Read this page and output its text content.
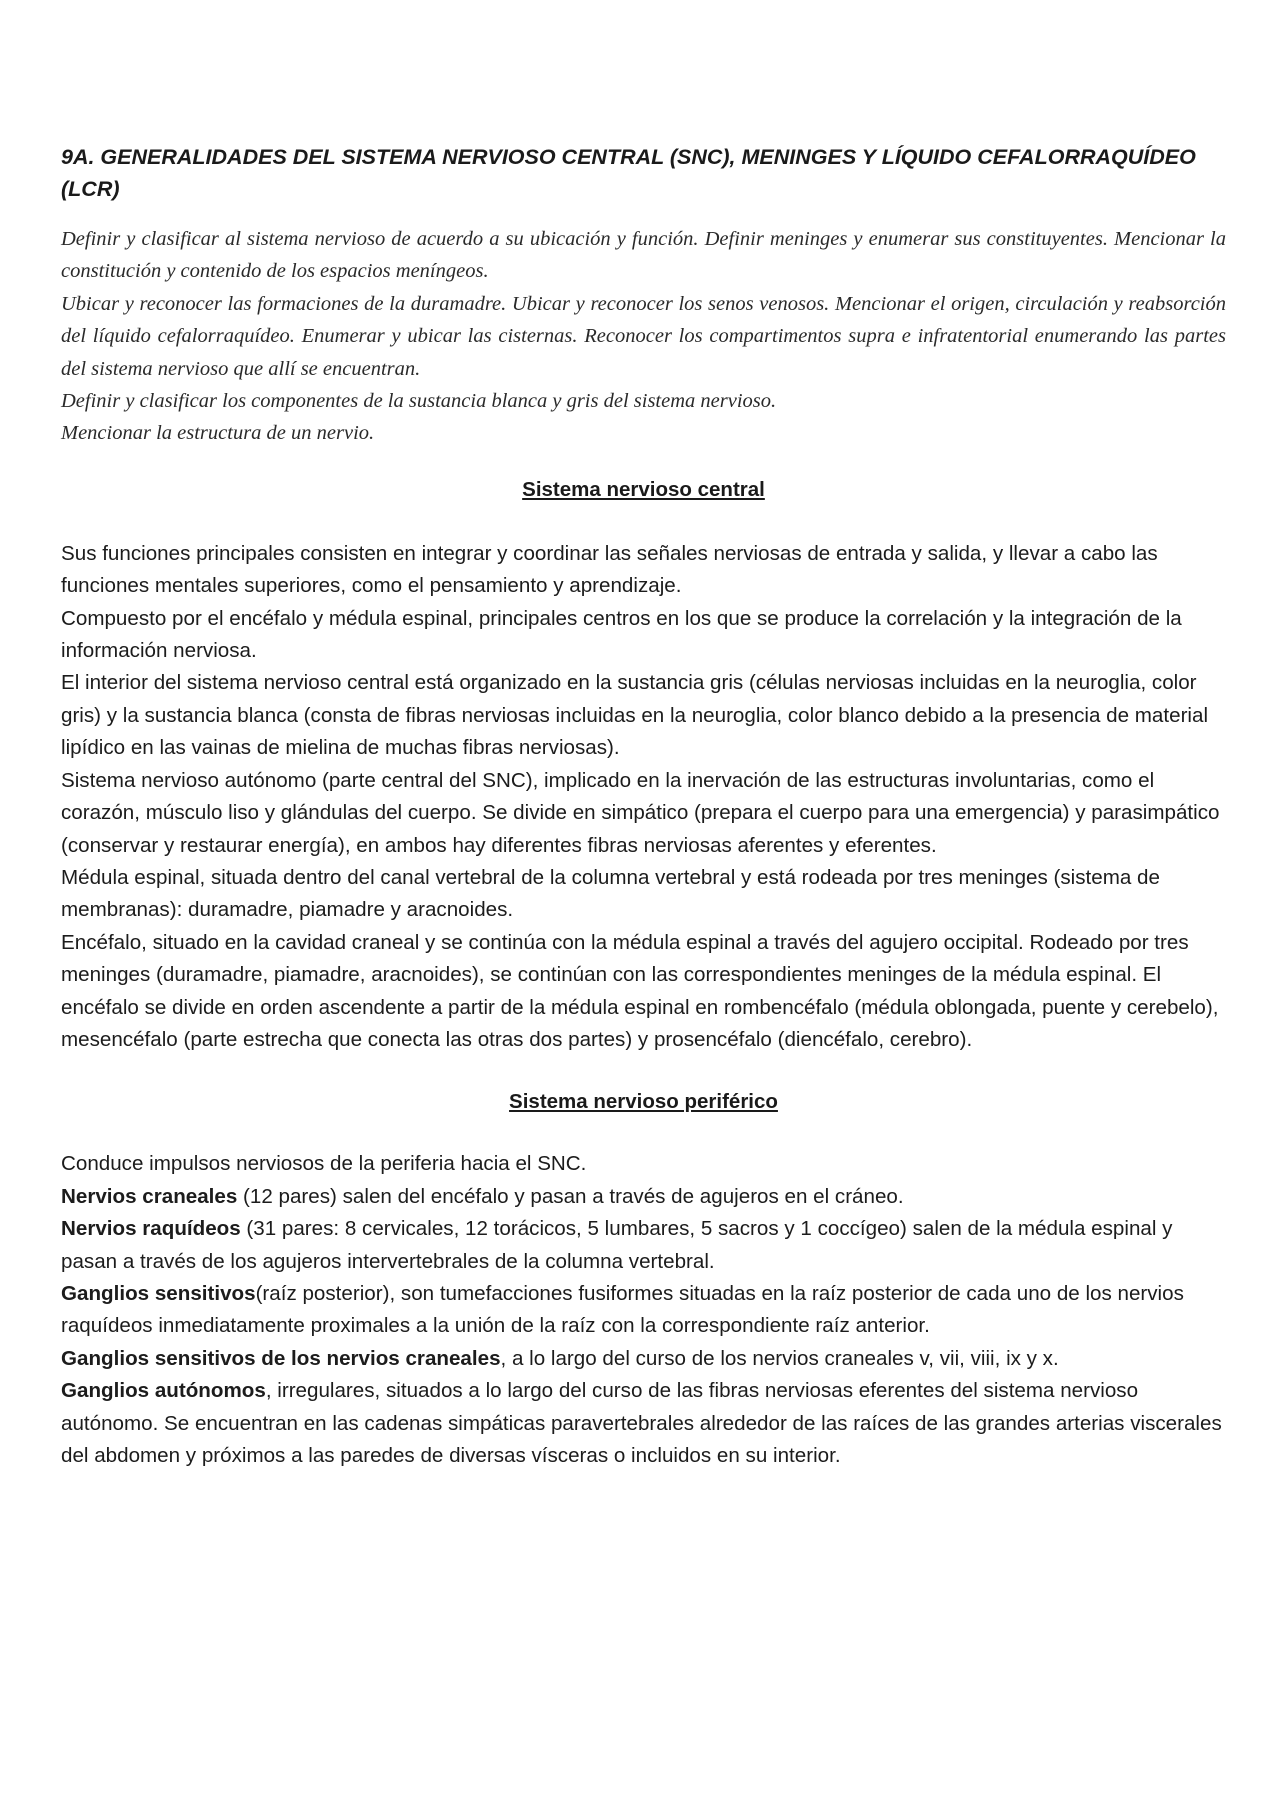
9A. GENERALIDADES DEL SISTEMA NERVIOSO CENTRAL (SNC), MENINGES Y LÍQUIDO CEFALORRAQUÍDEO (LCR)

Definir y clasificar al sistema nervioso de acuerdo a su ubicación y función. Definir meninges y enumerar sus constituyentes. Mencionar la constitución y contenido de los espacios meníngeos.

Ubicar y reconocer las formaciones de la duramadre. Ubicar y reconocer los senos venosos. Mencionar el origen, circulación y reabsorción del líquido cefalorraquídeo. Enumerar y ubicar las cisternas. Reconocer los compartimentos supra e infratentorial enumerando las partes del sistema nervioso que allí se encuentran.

Definir y clasificar los componentes de la sustancia blanca y gris del sistema nervioso.

Mencionar la estructura de un nervio.

Sistema nervioso central

Sus funciones principales consisten en integrar y coordinar las señales nerviosas de entrada y salida, y llevar a cabo las funciones mentales superiores, como el pensamiento y aprendizaje.

Compuesto por el encéfalo y médula espinal, principales centros en los que se produce la correlación y la integración de la información nerviosa.

El interior del sistema nervioso central está organizado en la sustancia gris (células nerviosas incluidas en la neuroglia, color gris) y la sustancia blanca (consta de fibras nerviosas incluidas en la neuroglia, color blanco debido a la presencia de material lipídico en las vainas de mielina de muchas fibras nerviosas).

Sistema nervioso autónomo (parte central del SNC), implicado en la inervación de las estructuras involuntarias, como el corazón, músculo liso y glándulas del cuerpo. Se divide en simpático (prepara el cuerpo para una emergencia) y parasimpático (conservar y restaurar energía), en ambos hay diferentes fibras nerviosas aferentes y eferentes.

Médula espinal, situada dentro del canal vertebral de la columna vertebral y está rodeada por tres meninges (sistema de membranas): duramadre, piamadre y aracnoides.

Encéfalo, situado en la cavidad craneal y se continúa con la médula espinal a través del agujero occipital. Rodeado por tres meninges (duramadre, piamadre, aracnoides), se continúan con las correspondientes meninges de la médula espinal. El encéfalo se divide en orden ascendente a partir de la médula espinal en rombencéfalo (médula oblongada, puente y cerebelo), mesencéfalo (parte estrecha que conecta las otras dos partes) y prosencéfalo (diencéfalo, cerebro).

Sistema nervioso periférico

Conduce impulsos nerviosos de la periferia hacia el SNC.

Nervios craneales (12 pares) salen del encéfalo y pasan a través de agujeros en el cráneo.

Nervios raquídeos (31 pares: 8 cervicales, 12 torácicos, 5 lumbares, 5 sacros y 1 coccígeo) salen de la médula espinal y pasan a través de los agujeros intervertebrales de la columna vertebral.

Ganglios sensitivos(raíz posterior), son tumefacciones fusiformes situadas en la raíz posterior de cada uno de los nervios raquídeos inmediatamente proximales a la unión de la raíz con la correspondiente raíz anterior.

Ganglios sensitivos de los nervios craneales, a lo largo del curso de los nervios craneales v, vii, viii, ix y x.

Ganglios autónomos, irregulares, situados a lo largo del curso de las fibras nerviosas eferentes del sistema nervioso autónomo. Se encuentran en las cadenas simpáticas paravertebrales alrededor de las raíces de las grandes arterias viscerales del abdomen y próximos a las paredes de diversas vísceras o incluidos en su interior.
